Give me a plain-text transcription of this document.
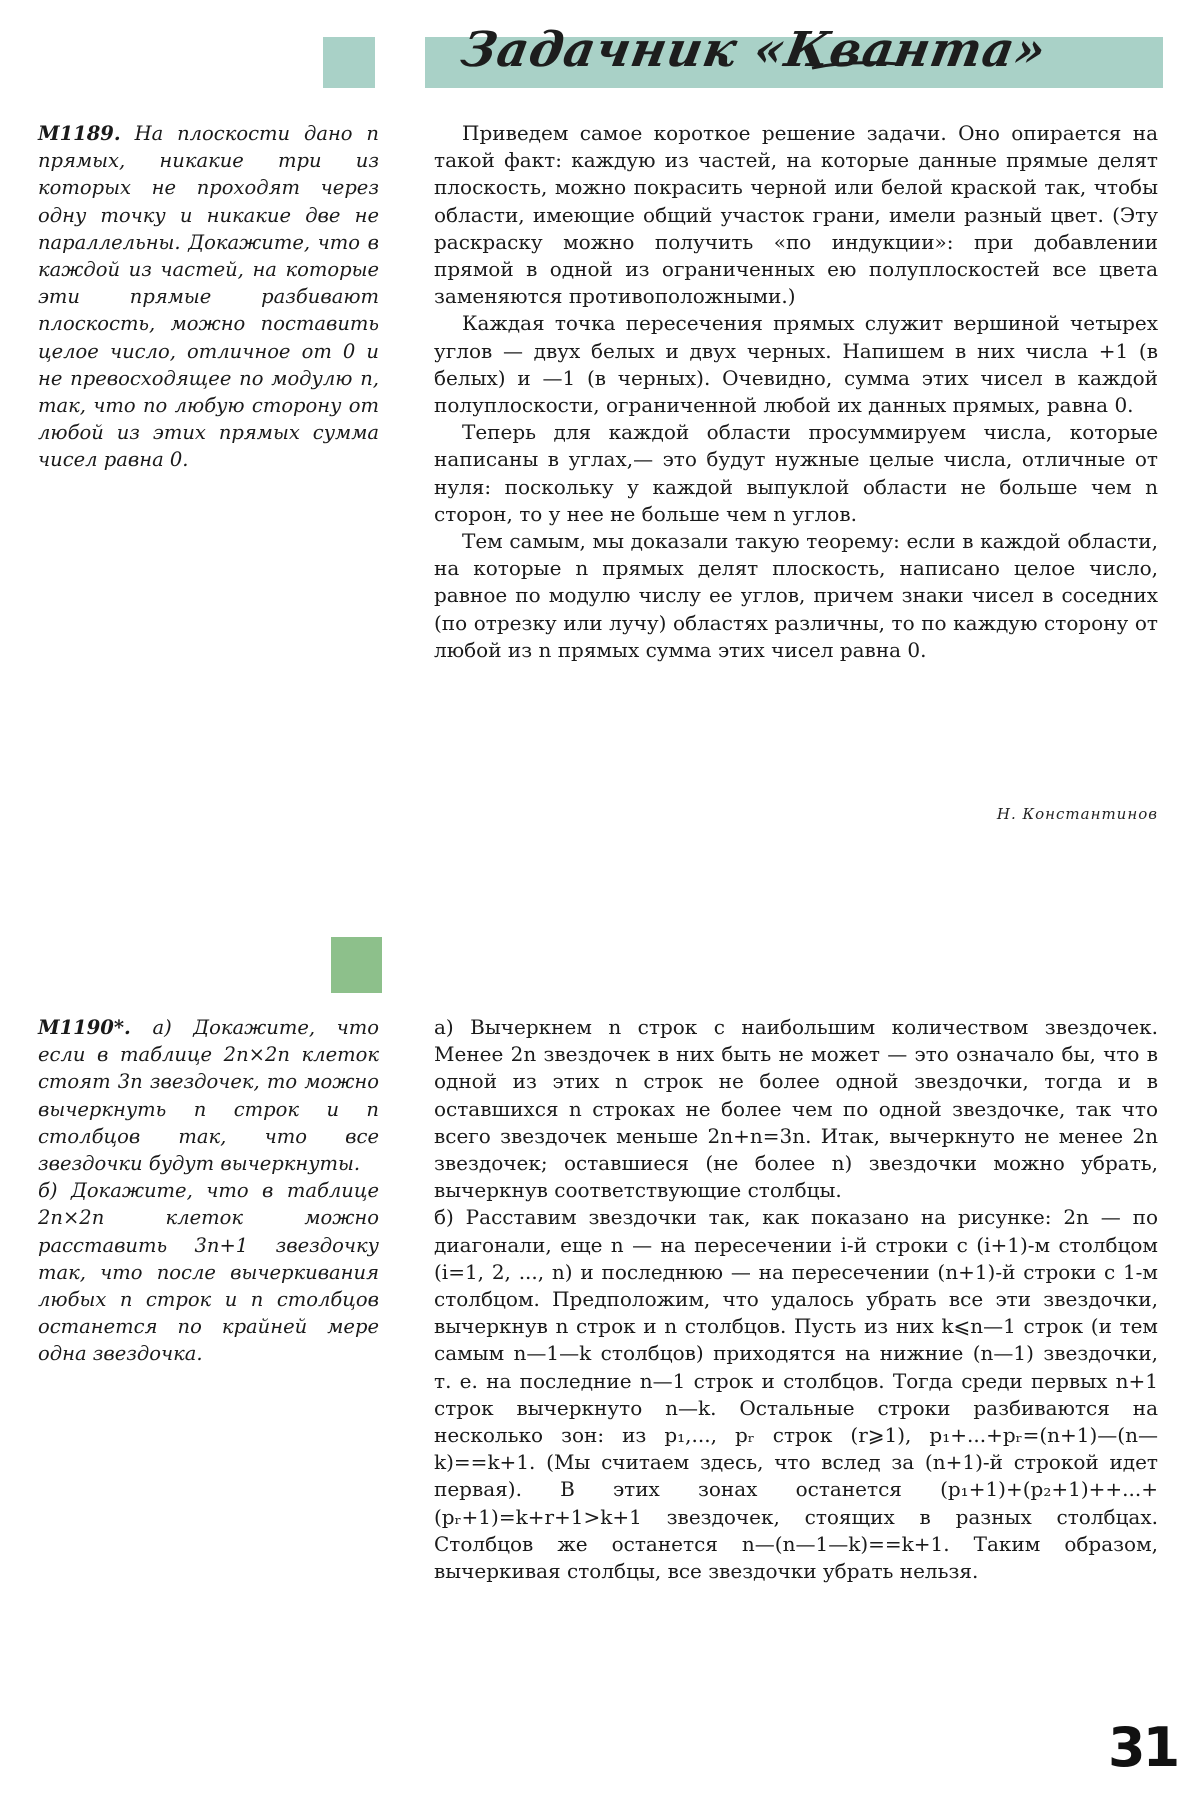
Задачник «Кванта»
M1189. На плоскости дано n прямых, никакие три из которых не проходят через одну точку и никакие две не параллельны. Докажите, что в каждой из частей, на которые эти прямые разбивают плоскость, можно поставить целое число, отличное от 0 и не превосходящее по модулю n, так, что по любую сторону от любой из этих прямых сумма чисел равна 0.

Приведем самое короткое решение задачи. Оно опирается на такой факт: каждую из частей, на которые данные прямые делят плоскость, можно покрасить черной или белой краской так, чтобы области, имеющие общий участок грани, имели разный цвет. (Эту раскраску можно получить «по индукции»: при добавлении прямой в одной из ограниченных ею полуплоскостей все цвета заменяются противоположными.)

Каждая точка пересечения прямых служит вершиной четырех углов — двух белых и двух черных. Напишем в них числа +1 (в белых) и —1 (в черных). Очевидно, сумма этих чисел в каждой полуплоскости, ограниченной любой их данных прямых, равна 0.

Теперь для каждой области просуммируем числа, которые написаны в углах,— это будут нужные целые числа, отличные от нуля: поскольку у каждой выпуклой области не больше чем n сторон, то у нее не больше чем n углов.

Тем самым, мы доказали такую теорему: если в каждой области, на которые n прямых делят плоскость, написано целое число, равное по модулю числу ее углов, причем знаки чисел в соседних (по отрезку или лучу) областях различны, то по каждую сторону от любой из n прямых сумма этих чисел равна 0.

Н. Константинов
M1190*. а) Докажите, что если в таблице 2n×2n клеток стоят 3n звездочек, то можно вычеркнуть n строк и n столбцов так, что все звездочки будут вычеркнуты.
б) Докажите, что в таблице 2n×2n клеток можно расставить 3n+1 звездочку так, что после вычеркивания любых n строк и n столбцов останется по крайней мере одна звездочка.

а) Вычеркнем n строк с наибольшим количеством звездочек. Менее 2n звездочек в них быть не может — это означало бы, что в одной из этих n строк не более одной звездочки, тогда и в оставшихся n строках не более чем по одной звездочке, так что всего звездочек меньше 2n+n=3n. Итак, вычеркнуто не менее 2n звездочек; оставшиеся (не более n) звездочки можно убрать, вычеркнув соответствующие столбцы.

б) Расставим звездочки так, как показано на рисунке: 2n — по диагонали, еще n — на пересечении i-й строки с (i+1)-м столбцом (i=1, 2, ..., n) и последнюю — на пересечении (n+1)-й строки с 1-м столбцом. Предположим, что удалось убрать все эти звездочки, вычеркнув n строк и n столбцов. Пусть из них k⩽n—1 строк (и тем самым n—1—k столбцов) приходятся на нижние (n—1) звездочки, т. е. на последние n—1 строк и столбцов. Тогда среди первых n+1 строк вычеркнуто n—k. Остальные строки разбиваются на несколько зон: из p₁,..., pᵣ строк (r⩾1), p₁+...+pᵣ=(n+1)—(n—k)==k+1. (Мы считаем здесь, что вслед за (n+1)-й строкой идет первая). В этих зонах останется (p₁+1)+(p₂+1)++...+(pᵣ+1)=k+r+1>k+1 звездочек, стоящих в разных столбцах. Столбцов же останется n—(n—1—k)==k+1. Таким образом, вычеркивая столбцы, все звездочки убрать нельзя.

31
